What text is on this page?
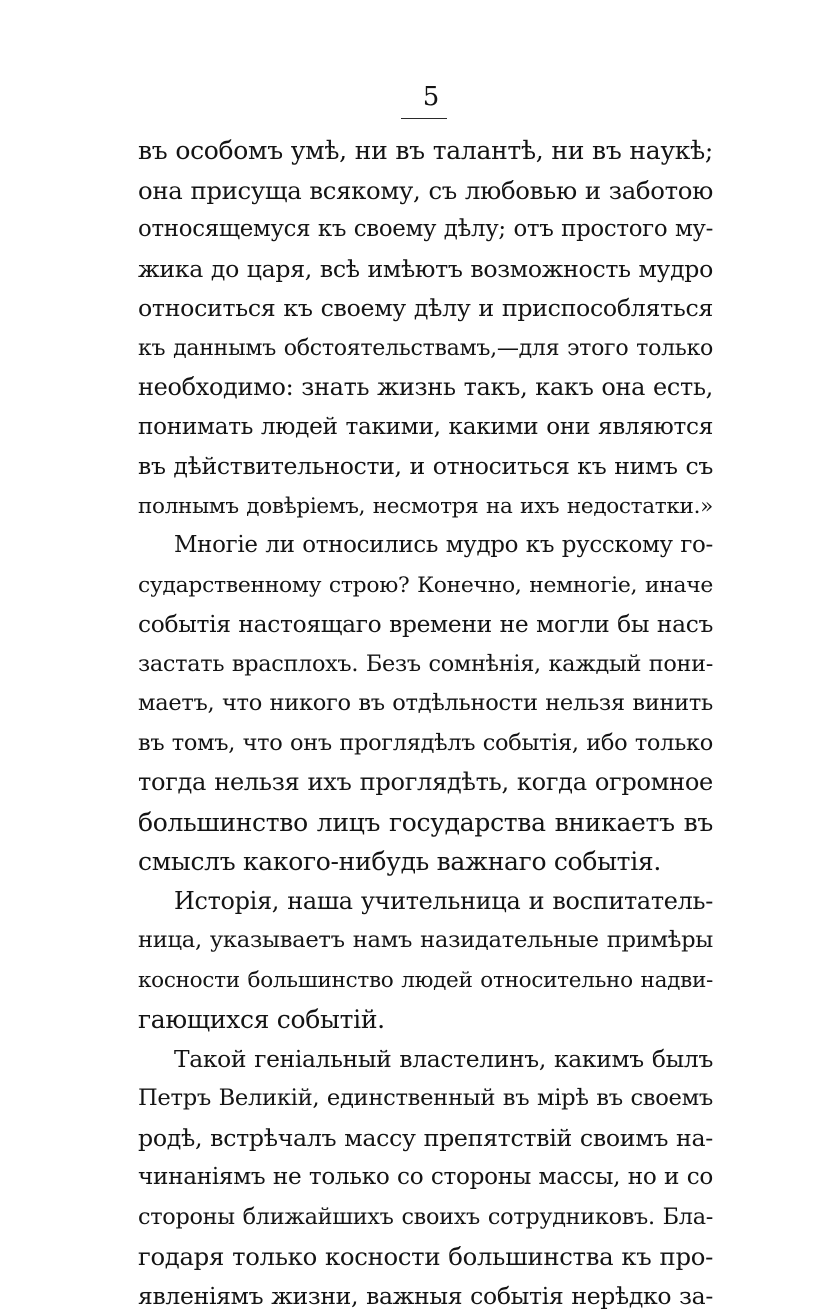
5
въ особомъ умѣ, ни въ талантѣ, ни въ наукѣ;
она присуща всякому, съ любовью и заботою
относящемуся къ своему дѣлу; отъ простого му-
жика до царя, всѣ имѣютъ возможность мудро
относиться къ своему дѣлу и приспособляться
къ даннымъ обстоятельствамъ,—для этого только
необходимо: знать жизнь такъ, какъ она есть,
понимать людей такими, какими они являются
въ дѣйствительности, и относиться къ нимъ съ
полнымъ довѣріемъ, несмотря на ихъ недостатки.»
Многіе ли относились мудро къ русскому го-
сударственному строю? Конечно, немногіе, иначе
событія настоящаго времени не могли бы насъ
застать врасплохъ. Безъ сомнѣнія, каждый пони-
маетъ, что никого въ отдѣльности нельзя винить
въ томъ, что онъ проглядѣлъ событія, ибо только
тогда нельзя ихъ проглядѣть, когда огромное
большинство лицъ государства вникаетъ въ
смыслъ какого-нибудь важнаго событія.
Исторія, наша учительница и воспитатель-
ница, указываетъ намъ назидательные примѣры
косности большинство людей относительно надви-
гающихся событій.
Такой геніальный властелинъ, какимъ былъ
Петръ Великій, единственный въ мірѣ въ своемъ
родѣ, встрѣчалъ массу препятствій своимъ на-
чинаніямъ не только со стороны массы, но и со
стороны ближайшихъ своихъ сотрудниковъ. Бла-
годаря только косности большинства къ про-
явленіямъ жизни, важныя событія нерѣдко за-
